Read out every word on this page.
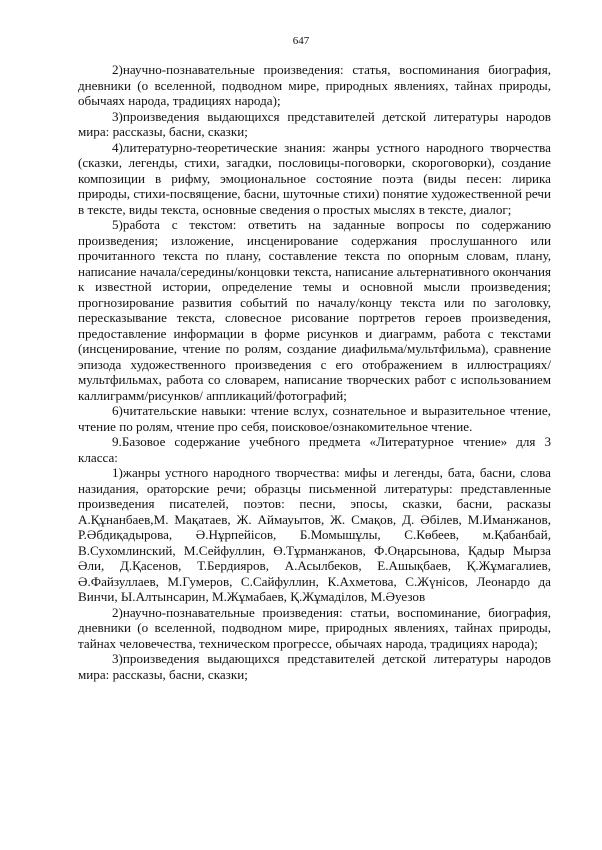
647

2)научно-познавательные произведения: статья, воспоминания биография, дневники (о вселенной, подводном мире, природных явлениях, тайнах природы, обычаях народа, традициях народа);

3)произведения выдающихся представителей детской литературы народов мира: рассказы, басни, сказки;

4)литературно-теоретические знания: жанры устного народного творчества (сказки, легенды, стихи, загадки, пословицы-поговорки, скороговорки), создание композиции в рифму, эмоциональное состояние поэта (виды песен: лирика природы, стихи-посвящение, басни, шуточные стихи) понятие художественной речи в тексте, виды текста, основные сведения о простых мыслях в тексте, диалог;

5)работа с текстом: ответить на заданные вопросы по содержанию произведения; изложение, инсценирование содержания прослушанного или прочитанного текста по плану, составление текста по опорным словам, плану, написание начала/середины/концовки текста, написание альтернативного окончания к известной истории, определение темы и основной мысли произведения; прогнозирование развития событий по началу/концу текста или по заголовку, пересказывание текста, словесное рисование портретов героев произведения, предоставление информации в форме рисунков и диаграмм, работа с текстами (инсценирование, чтение по ролям, создание диафильма/мультфильма), сравнение эпизода художественного произведения с его отображением в иллюстрациях/мультфильмах, работа со словарем, написание творческих работ с использованием каллиграмм/рисунков/ аппликаций/фотографий;

6)читательские навыки: чтение вслух, сознательное и выразительное чтение, чтение по ролям, чтение про себя, поисковое/ознакомительное чтение.

9.Базовое содержание учебного предмета «Литературное чтение» для 3 класса:

1)жанры устного народного творчества: мифы и легенды, бата, басни, слова назидания, ораторские речи; образцы письменной литературы: представленные произведения писателей, поэтов: песни, эпосы, сказки, басни, расказы А.Құнанбаев,М. Мақатаев, Ж. Аймауытов, Ж. Смақов, Д. Әбілев, М.Иманжанов, Р.Әбдиқадырова, Ә.Нұрпейісов, Б.Момышұлы, С.Көбеев, м.Қабанбай, В.Сухомлинский, М.Сейфуллин, Ө.Тұрманжанов, Ф.Оңарсынова, Қадыр Мырза Әли, Д.Қасенов, Т.Бердияров, А.Асылбеков, Е.Ашықбаев, Қ.Жұмагалиев, Ә.Файзуллаев, М.Гумеров, С.Сайфуллин, К.Ахметова, С.Жүнісов, Леонардо да Винчи, Ы.Алтынсарин, М.Жұмабаев, Қ.Жұмаділов, М.Әуезов

2)научно-познавательные произведения: статьи, воспоминание, биография, дневники (о вселенной, подводном мире, природных явлениях, тайнах природы, тайнах человечества, техническом прогрессе, обычаях народа, традициях народа);

3)произведения выдающихся представителей детской литературы народов мира: рассказы, басни, сказки;
